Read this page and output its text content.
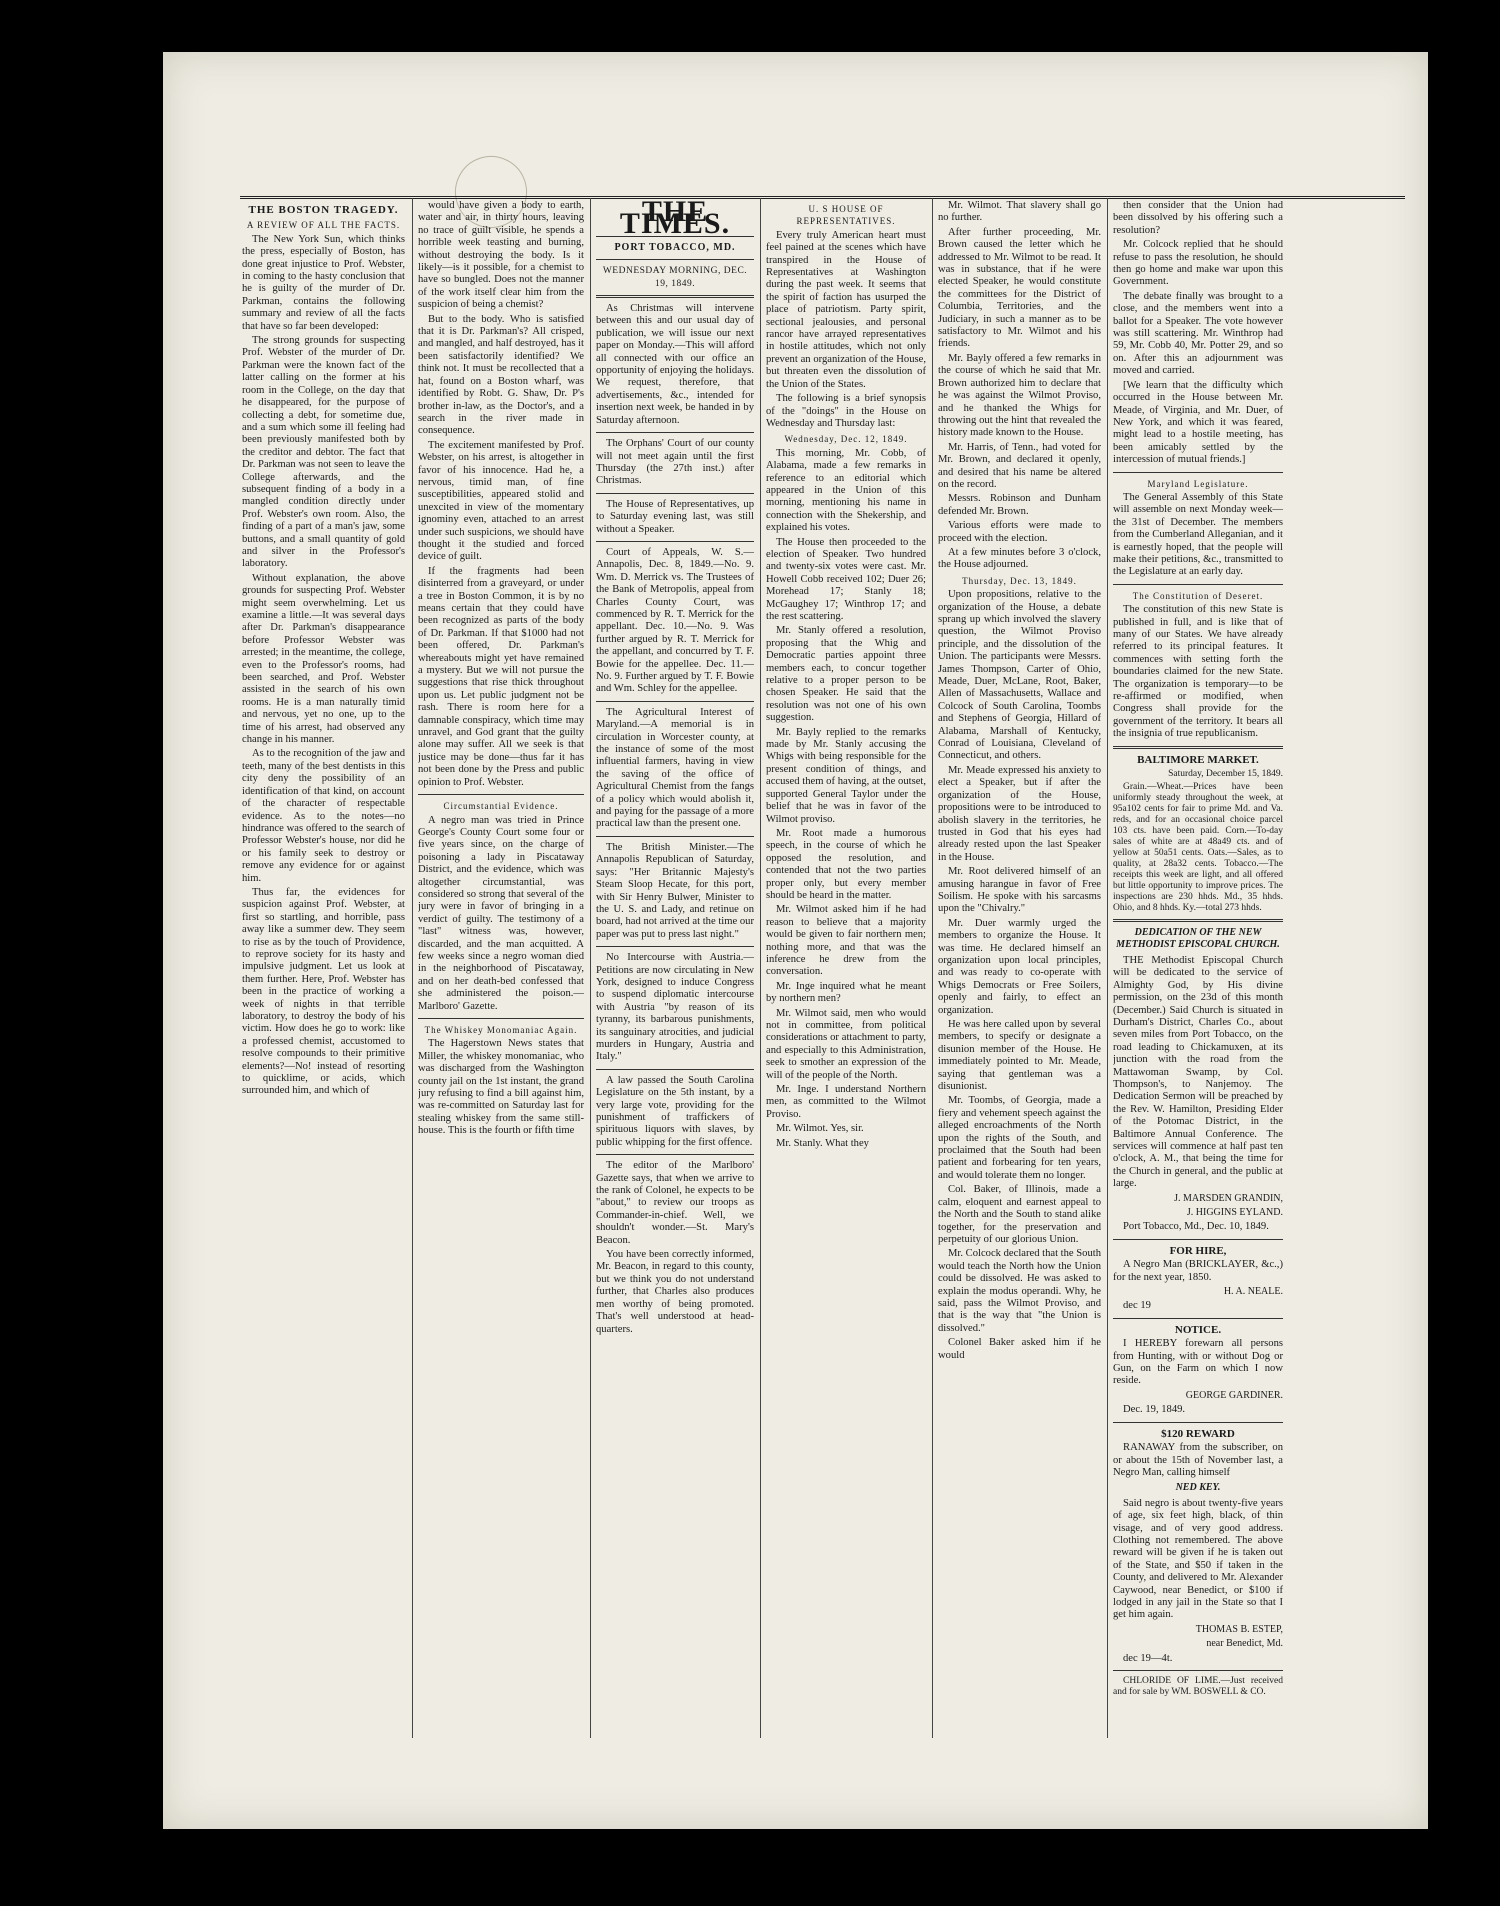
THE BOSTON TRAGEDY.
A REVIEW OF ALL THE FACTS.

The New York Sun, which thinks the press, especially of Boston, has done great injustice to Prof. Webster, in coming to the hasty conclusion that he is guilty of the murder of Dr. Parkman, contains the following summary and review of all the facts that have so far been developed:

The strong grounds for suspecting Prof. Webster of the murder of Dr. Parkman were the known fact of the latter calling on the former at his room in the College, on the day that he disappeared, for the purpose of collecting a debt, for sometime due, and a sum which some ill feeling had been previously manifested both by the creditor and debtor. The fact that Dr. Parkman was not seen to leave the College afterwards, and the subsequent finding of a body in a mangled condition directly under Prof. Webster's own room. Also, the finding of a part of a man's jaw, some buttons, and a small quantity of gold and silver in the Professor's laboratory.

Without explanation, the above grounds for suspecting Prof. Webster might seem overwhelming. Let us examine a little.—It was several days after Dr. Parkman's disappearance before Professor Webster was arrested; in the meantime, the college, even to the Professor's rooms, had been searched, and Prof. Webster assisted in the search of his own rooms. He is a man naturally timid and nervous, yet no one, up to the time of his arrest, had observed any change in his manner.

As to the recognition of the jaw and teeth, many of the best dentists in this city deny the possibility of an identification of that kind, on account of the character of respectable evidence. As to the notes—no hindrance was offered to the search of Professor Webster's house, nor did he or his family seek to destroy or remove any evidence for or against him.

Thus far, the evidences for suspicion against Prof. Webster, at first so startling, and horrible, pass away like a summer dew. They seem to rise as by the touch of Providence, to reprove society for its hasty and impulsive judgment. Let us look at them further. Here, Prof. Webster has been in the practice of working a week of nights in that terrible laboratory, to destroy the body of his victim. How does he go to work: like a professed chemist, accustomed to resolve compounds to their primitive elements?—No! instead of resorting to quicklime, or acids, which surrounded him, and which of

would have given a body to earth, water and air, in thirty hours, leaving no trace of guilt visible, he spends a horrible week teasting and burning, without destroying the body. Is it likely—is it possible, for a chemist to have so bungled. Does not the manner of the work itself clear him from the suspicion of being a chemist?

But to the body. Who is satisfied that it is Dr. Parkman's? All crisped, and mangled, and half destroyed, has it been satisfactorily identified? We think not. It must be recollected that a hat, found on a Boston wharf, was identified by Robt. G. Shaw, Dr. P's brother in-law, as the Doctor's, and a search in the river made in consequence.

The excitement manifested by Prof. Webster, on his arrest, is altogether in favor of his innocence. Had he, a nervous, timid man, of fine susceptibilities, appeared stolid and unexcited in view of the momentary ignominy even, attached to an arrest under such suspicions, we should have thought it the studied and forced device of guilt.

If the fragments had been disinterred from a graveyard, or under a tree in Boston Common, it is by no means certain that they could have been recognized as parts of the body of Dr. Parkman. If that $1000 had not been offered, Dr. Parkman's whereabouts might yet have remained a mystery. But we will not pursue the suggestions that rise thick throughout upon us. Let public judgment not be rash. There is room here for a damnable conspiracy, which time may unravel, and God grant that the guilty alone may suffer. All we seek is that justice may be done—thus far it has not been done by the Press and public opinion to Prof. Webster.

Circumstantial Evidence.

A negro man was tried in Prince George's County Court some four or five years since, on the charge of poisoning a lady in Piscataway District, and the evidence, which was altogether circumstantial, was considered so strong that several of the jury were in favor of bringing in a verdict of guilty. The testimony of a "last" witness was, however, discarded, and the man acquitted. A few weeks since a negro woman died in the neighborhood of Piscataway, and on her death-bed confessed that she administered the poison.—Marlboro' Gazette.

The Whiskey Monomaniac Again.

The Hagerstown News states that Miller, the whiskey monomaniac, who was discharged from the Washington county jail on the 1st instant, the grand jury refusing to find a bill against him, was re-committed on Saturday last for stealing whiskey from the same still-house. This is the fourth or fifth time

THE TIMES.
PORT TOBACCO, MD.
WEDNESDAY MORNING, DEC. 19, 1849.

As Christmas will intervene between this and our usual day of publication, we will issue our next paper on Monday.—This will afford all connected with our office an opportunity of enjoying the holidays. We request, therefore, that advertisements, &c., intended for insertion next week, be handed in by Saturday afternoon.

The Orphans' Court of our county will not meet again until the first Thursday (the 27th inst.) after Christmas.

The House of Representatives, up to Saturday evening last, was still without a Speaker.

Court of Appeals, W. S.—Annapolis, Dec. 8, 1849.—No. 9. Wm. D. Merrick vs. The Trustees of the Bank of Metropolis, appeal from Charles County Court, was commenced by R. T. Merrick for the appellant. Dec. 10.—No. 9. Was further argued by R. T. Merrick for the appellant, and concurred by T. F. Bowie for the appellee. Dec. 11.—No. 9. Further argued by T. F. Bowie and Wm. Schley for the appellee.

The Agricultural Interest of Maryland.—A memorial is in circulation in Worcester county, at the instance of some of the most influential farmers, having in view the saving of the office of Agricultural Chemist from the fangs of a policy which would abolish it, and paying for the passage of a more practical law than the present one.

The British Minister.—The Annapolis Republican of Saturday, says: "Her Britannic Majesty's Steam Sloop Hecate, for this port, with Sir Henry Bulwer, Minister to the U. S. and Lady, and retinue on board, had not arrived at the time our paper was put to press last night."

No Intercourse with Austria.—Petitions are now circulating in New York, designed to induce Congress to suspend diplomatic intercourse with Austria "by reason of its tyranny, its barbarous punishments, its sanguinary atrocities, and judicial murders in Hungary, Austria and Italy."

A law passed the South Carolina Legislature on the 5th instant, by a very large vote, providing for the punishment of traffickers of spirituous liquors with slaves, by public whipping for the first offence.

The editor of the Marlboro' Gazette says, that when we arrive to the rank of Colonel, he expects to be "about," to review our troops as Commander-in-chief. Well, we shouldn't wonder.—St. Mary's Beacon.

You have been correctly informed, Mr. Beacon, in regard to this county, but we think you do not understand further, that Charles also produces men worthy of being promoted. That's well understood at head-quarters.

U. S HOUSE OF REPRESENTATIVES.

Every truly American heart must feel pained at the scenes which have transpired in the House of Representatives at Washington during the past week. It seems that the spirit of faction has usurped the place of patriotism. Party spirit, sectional jealousies, and personal rancor have arrayed representatives in hostile attitudes, which not only prevent an organization of the House, but threaten even the dissolution of the Union of the States.

The following is a brief synopsis of the "doings" in the House on Wednesday and Thursday last:

Wednesday, Dec. 12, 1849.

This morning, Mr. Cobb, of Alabama, made a few remarks in reference to an editorial which appeared in the Union of this morning, mentioning his name in connection with the Shekership, and explained his votes.

The House then proceeded to the election of Speaker. Two hundred and twenty-six votes were cast. Mr. Howell Cobb received 102; Duer 26; Morehead 17; Stanly 18; McGaughey 17; Winthrop 17; and the rest scattering.

Mr. Stanly offered a resolution, proposing that the Whig and Democratic parties appoint three members each, to concur together relative to a proper person to be chosen Speaker. He said that the resolution was not one of his own suggestion.

Mr. Bayly replied to the remarks made by Mr. Stanly accusing the Whigs with being responsible for the present condition of things, and accused them of having, at the outset, supported General Taylor under the belief that he was in favor of the Wilmot proviso.

Mr. Root made a humorous speech, in the course of which he opposed the resolution, and contended that not the two parties proper only, but every member should be heard in the matter.

Mr. Wilmot asked him if he had reason to believe that a majority would be given to fair northern men; nothing more, and that was the inference he drew from the conversation.

Mr. Inge inquired what he meant by northern men?

Mr. Wilmot said, men who would not in committee, from political considerations or attachment to party, and especially to this Administration, seek to smother an expression of the will of the people of the North.

Mr. Inge. I understand Northern men, as committed to the Wilmot Proviso.

Mr. Wilmot. Yes, sir.

Mr. Stanly. What they

Mr. Wilmot. That slavery shall go no further.

After further proceeding, Mr. Brown caused the letter which he addressed to Mr. Wilmot to be read. It was in substance, that if he were elected Speaker, he would constitute the committees for the District of Columbia, Territories, and the Judiciary, in such a manner as to be satisfactory to Mr. Wilmot and his friends.

Mr. Bayly offered a few remarks in the course of which he said that Mr. Brown authorized him to declare that he was against the Wilmot Proviso, and he thanked the Whigs for throwing out the hint that revealed the history made known to the House.

Mr. Harris, of Tenn., had voted for Mr. Brown, and declared it openly, and desired that his name be altered on the record.

Messrs. Robinson and Dunham defended Mr. Brown.

Various efforts were made to proceed with the election.

At a few minutes before 3 o'clock, the House adjourned.

Thursday, Dec. 13, 1849.

Upon propositions, relative to the organization of the House, a debate sprang up which involved the slavery question, the Wilmot Proviso principle, and the dissolution of the Union. The participants were Messrs. James Thompson, Carter of Ohio, Meade, Duer, McLane, Root, Baker, Allen of Massachusetts, Wallace and Colcock of South Carolina, Toombs and Stephens of Georgia, Hillard of Alabama, Marshall of Kentucky, Conrad of Louisiana, Cleveland of Connecticut, and others.

Mr. Meade expressed his anxiety to elect a Speaker, but if after the organization of the House, propositions were to be introduced to abolish slavery in the territories, he trusted in God that his eyes had already rested upon the last Speaker in the House.

Mr. Root delivered himself of an amusing harangue in favor of Free Soilism. He spoke with his sarcasms upon the "Chivalry."

Mr. Duer warmly urged the members to organize the House. It was time. He declared himself an organization upon local principles, and was ready to co-operate with Whigs Democrats or Free Soilers, openly and fairly, to effect an organization.

He was here called upon by several members, to specify or designate a disunion member of the House. He immediately pointed to Mr. Meade, saying that gentleman was a disunionist.

Mr. Toombs, of Georgia, made a fiery and vehement speech against the alleged encroachments of the North upon the rights of the South, and proclaimed that the South had been patient and forbearing for ten years, and would tolerate them no longer.

Col. Baker, of Illinois, made a calm, eloquent and earnest appeal to the North and the South to stand alike together, for the preservation and perpetuity of our glorious Union.

Mr. Colcock declared that the South would teach the North how the Union could be dissolved. He was asked to explain the modus operandi. Why, he said, pass the Wilmot Proviso, and that is the way that "the Union is dissolved."

Colonel Baker asked him if he would

then consider that the Union had been dissolved by his offering such a resolution?

Mr. Colcock replied that he should refuse to pass the resolution, he should then go home and make war upon this Government.

The debate finally was brought to a close, and the members went into a ballot for a Speaker. The vote however was still scattering. Mr. Winthrop had 59, Mr. Cobb 40, Mr. Potter 29, and so on. After this an adjournment was moved and carried.

[We learn that the difficulty which occurred in the House between Mr. Meade, of Virginia, and Mr. Duer, of New York, and which it was feared, might lead to a hostile meeting, has been amicably settled by the intercession of mutual friends.]

Maryland Legislature.

The General Assembly of this State will assemble on next Monday week—the 31st of December. The members from the Cumberland Alleganian, and it is earnestly hoped, that the people will make their petitions, &c., transmitted to the Legislature at an early day.

The Constitution of Deseret.

The constitution of this new State is published in full, and is like that of many of our States. We have already referred to its principal features. It commences with setting forth the boundaries claimed for the new State. The organization is temporary—to be re-affirmed or modified, when Congress shall provide for the government of the territory. It bears all the insignia of true republicanism.

BALTIMORE MARKET.

Saturday, December 15, 1849.

Grain.—Wheat.—Prices have been uniformly steady throughout the week, at 95a102 cents for fair to prime Md. and Va. reds, and for an occasional choice parcel 103 cts. have been paid. Corn.—To-day sales of white are at 48a49 cts. and of yellow at 50a51 cents. Oats.—Sales, as to quality, at 28a32 cents. Tobacco.—The receipts this week are light, and all offered but little opportunity to improve prices. The inspections are 230 hhds. Md., 35 hhds. Ohio, and 8 hhds. Ky.—total 273 hhds.

DEDICATION OF THE NEW METHODIST EPISCOPAL CHURCH.

THE Methodist Episcopal Church will be dedicated to the service of Almighty God, by His divine permission, on the 23d of this month (December.) Said Church is situated in Durham's District, Charles Co., about seven miles from Port Tobacco, on the road leading to Chickamuxen, at its junction with the road from the Mattawoman Swamp, by Col. Thompson's, to Nanjemoy. The Dedication Sermon will be preached by the Rev. W. Hamilton, Presiding Elder of the Potomac District, in the Baltimore Annual Conference. The services will commence at half past ten o'clock, A. M., that being the time for the Church in general, and the public at large.

J. MARSDEN GRANDIN,

J. HIGGINS EYLAND.

Port Tobacco, Md., Dec. 10, 1849.

FOR HIRE,

A Negro Man (BRICKLAYER, &c.,) for the next year, 1850.

H. A. NEALE.

dec 19

NOTICE.

I HEREBY forewarn all persons from Hunting, with or without Dog or Gun, on the Farm on which I now reside.

GEORGE GARDINER.

Dec. 19, 1849.

$120 REWARD

RANAWAY from the subscriber, on or about the 15th of November last, a Negro Man, calling himself

NED KEY.

Said negro is about twenty-five years of age, six feet high, black, of thin visage, and of very good address. Clothing not remembered. The above reward will be given if he is taken out of the State, and $50 if taken in the County, and delivered to Mr. Alexander Caywood, near Benedict, or $100 if lodged in any jail in the State so that I get him again.

THOMAS B. ESTEP,

near Benedict, Md.

dec 19—4t.

CHLORIDE OF LIME.—Just received and for sale by WM. BOSWELL & CO.
